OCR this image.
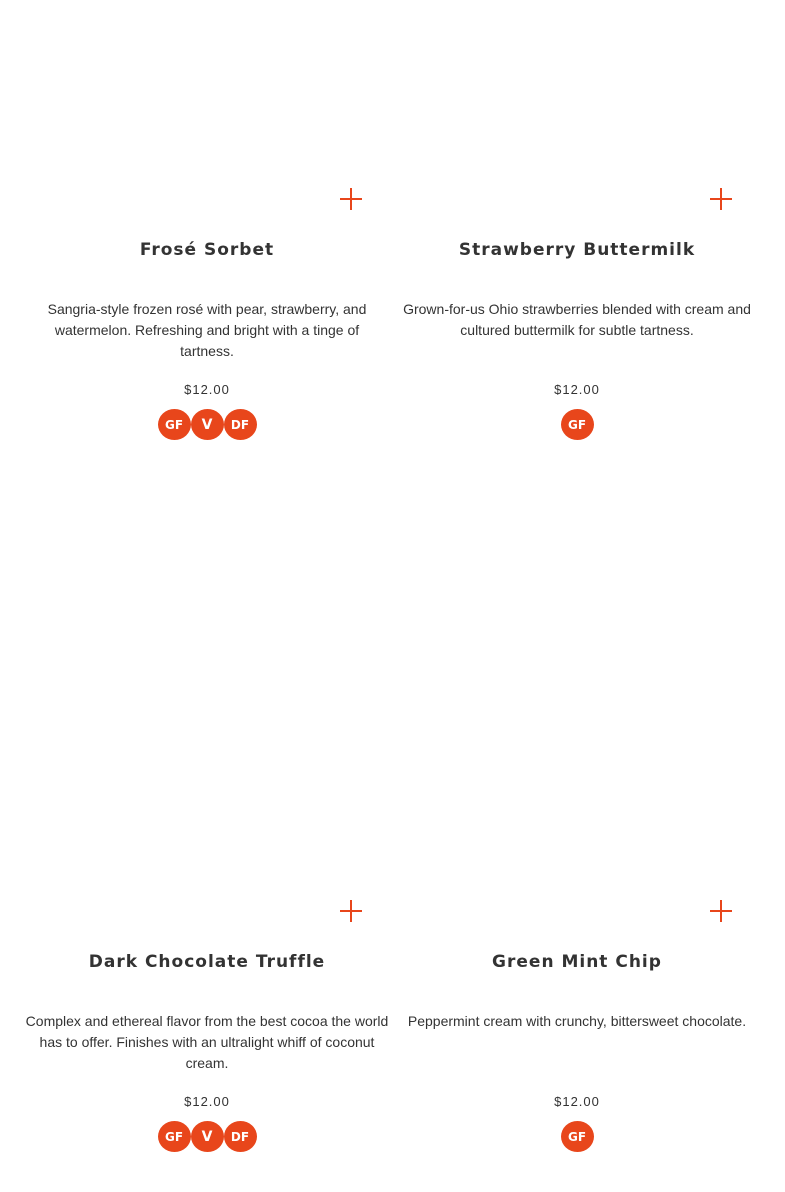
Frosé Sorbet

Sangria-style frozen rosé with pear, strawberry, and watermelon. Refreshing and bright with a tinge of tartness.

$12.00
GF	V	DF
Strawberry Buttermilk

Grown-for-us Ohio strawberries blended with cream and cultured buttermilk for subtle tartness.

$12.00
GF
Dark Chocolate Truffle

Complex and ethereal flavor from the best cocoa the world has to offer. Finishes with an ultralight whiff of coconut cream.

$12.00
GF	V	DF
Green Mint Chip

Peppermint cream with crunchy, bittersweet chocolate.

$12.00
GF
